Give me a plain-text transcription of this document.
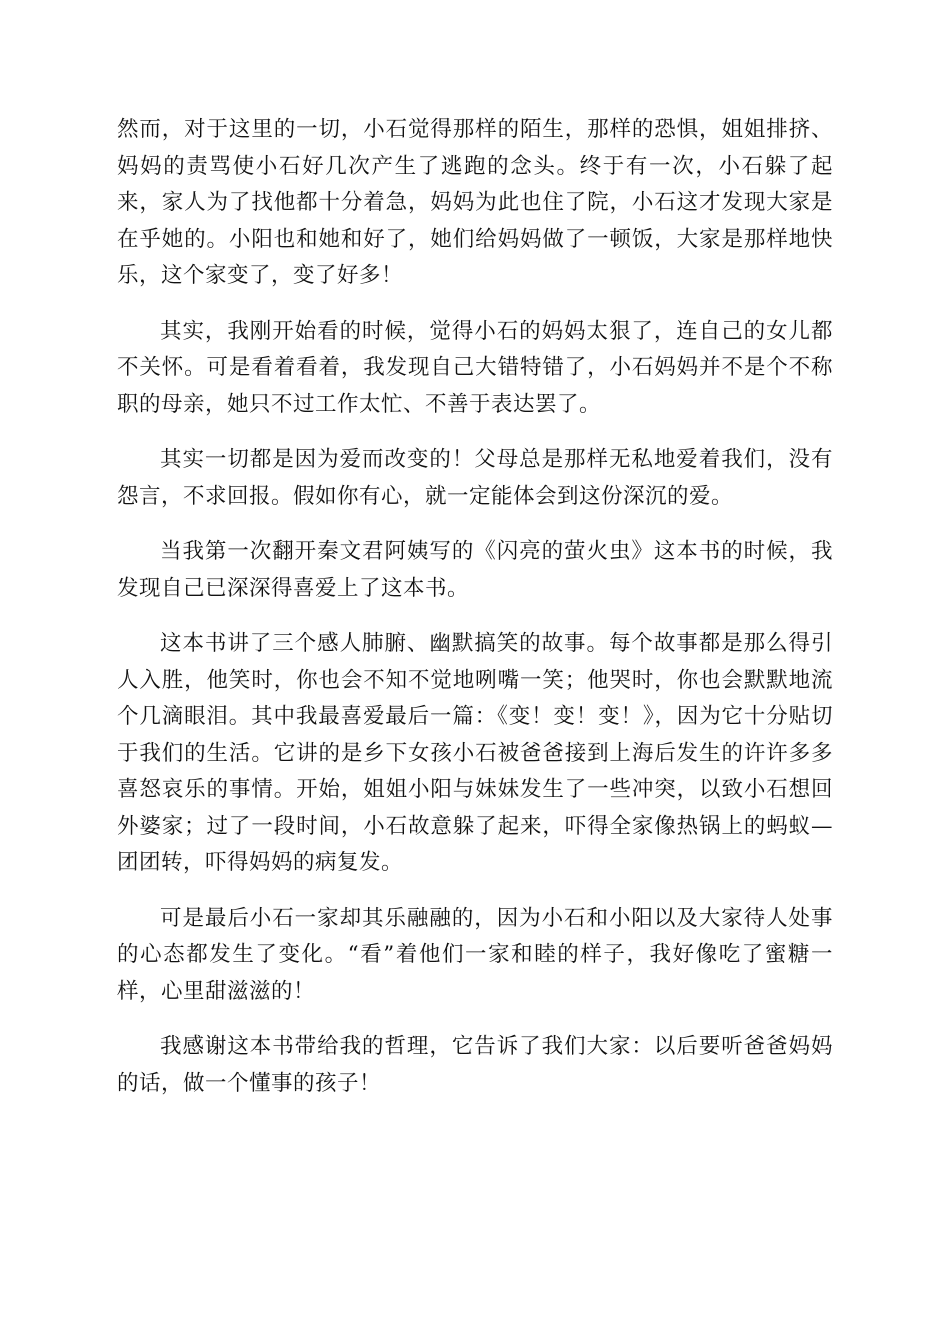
然而，对于这里的一切，小石觉得那样的陌生，那样的恐惧，姐姐排挤、妈妈的责骂使小石好几次产生了逃跑的念头。终于有一次，小石躲了起来，家人为了找他都十分着急，妈妈为此也住了院，小石这才发现大家是在乎她的。小阳也和她和好了，她们给妈妈做了一顿饭，大家是那样地快乐，这个家变了，变了好多！

其实，我刚开始看的时候，觉得小石的妈妈太狠了，连自己的女儿都不关怀。可是看着看着，我发现自己大错特错了，小石妈妈并不是个不称职的母亲，她只不过工作太忙、不善于表达罢了。

其实一切都是因为爱而改变的！父母总是那样无私地爱着我们，没有怨言，不求回报。假如你有心，就一定能体会到这份深沉的爱。

当我第一次翻开秦文君阿姨写的《闪亮的萤火虫》这本书的时候，我发现自己已深深得喜爱上了这本书。

这本书讲了三个感人肺腑、幽默搞笑的故事。每个故事都是那么得引人入胜，他笑时，你也会不知不觉地咧嘴一笑；他哭时，你也会默默地流个几滴眼泪。其中我最喜爱最后一篇：《变！变！变！》，因为它十分贴切于我们的生活。它讲的是乡下女孩小石被爸爸接到上海后发生的许许多多喜怒哀乐的事情。开始，姐姐小阳与妹妹发生了一些冲突，以致小石想回外婆家；过了一段时间，小石故意躲了起来，吓得全家像热锅上的蚂蚁—团团转，吓得妈妈的病复发。

可是最后小石一家却其乐融融的，因为小石和小阳以及大家待人处事的心态都发生了变化。“看”着他们一家和睦的样子，我好像吃了蜜糖一样，心里甜滋滋的！

我感谢这本书带给我的哲理，它告诉了我们大家：以后要听爸爸妈妈的话，做一个懂事的孩子！
